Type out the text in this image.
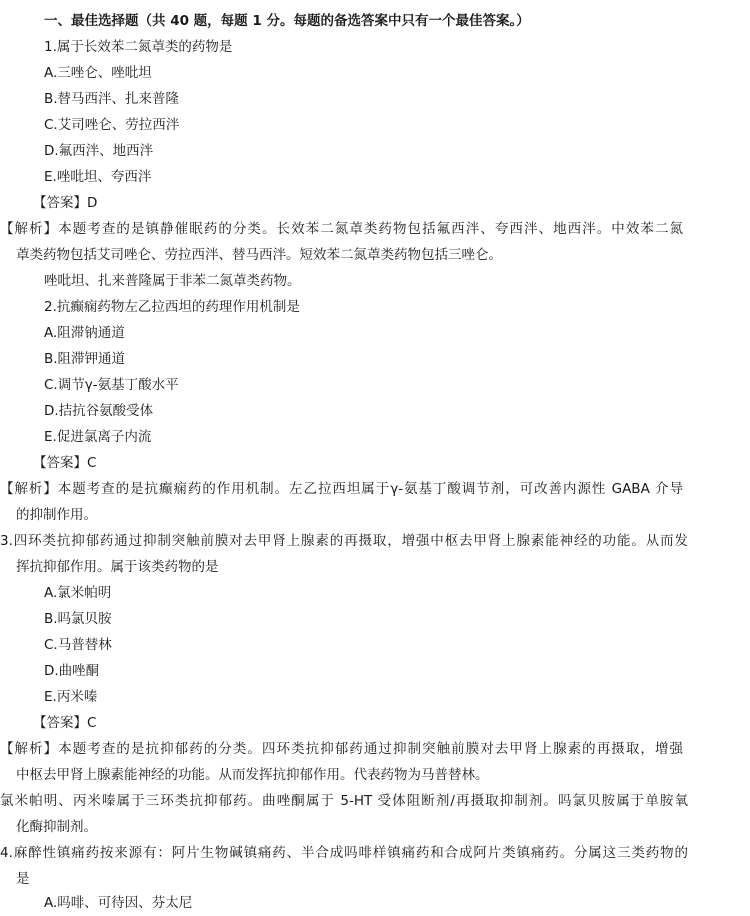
一、最佳选择题（共 40 题，每题 1 分。每题的备选答案中只有一个最佳答案。）
1.属于长效苯二氮䓬类的药物是
A.三唑仑、唑吡坦
B.替马西泮、扎来普隆
C.艾司唑仑、劳拉西泮
D.氟西泮、地西泮
E.唑吡坦、夸西泮
【答案】D
【解析】本题考查的是镇静催眠药的分类。长效苯二氮䓬类药物包括氟西泮、夸西泮、地西泮。中效苯二氮
䓬类药物包括艾司唑仑、劳拉西泮、替马西泮。短效苯二氮䓬类药物包括三唑仑。
唑吡坦、扎来普隆属于非苯二氮䓬类药物。
2.抗癫痫药物左乙拉西坦的药理作用机制是
A.阻滞钠通道
B.阻滞钾通道
C.调节γ-氨基丁酸水平
D.拮抗谷氨酸受体
E.促进氯离子内流
【答案】C
【解析】本题考查的是抗癫痫药的作用机制。左乙拉西坦属于γ-氨基丁酸调节剂，可改善内源性 GABA 介导
的抑制作用。
3.四环类抗抑郁药通过抑制突触前膜对去甲肾上腺素的再摄取，增强中枢去甲肾上腺素能神经的功能。从而发
挥抗抑郁作用。属于该类药物的是
A.氯米帕明
B.吗氯贝胺
C.马普替林
D.曲唑酮
E.丙米嗪
【答案】C
【解析】本题考查的是抗抑郁药的分类。四环类抗抑郁药通过抑制突触前膜对去甲肾上腺素的再摄取，增强
中枢去甲肾上腺素能神经的功能。从而发挥抗抑郁作用。代表药物为马普替林。
氯米帕明、丙米嗪属于三环类抗抑郁药。曲唑酮属于 5-HT 受体阻断剂/再摄取抑制剂。吗氯贝胺属于单胺氧
化酶抑制剂。
4.麻醉性镇痛药按来源有：阿片生物碱镇痛药、半合成吗啡样镇痛药和合成阿片类镇痛药。分属这三类药物的
是
A.吗啡、可待因、芬太尼
